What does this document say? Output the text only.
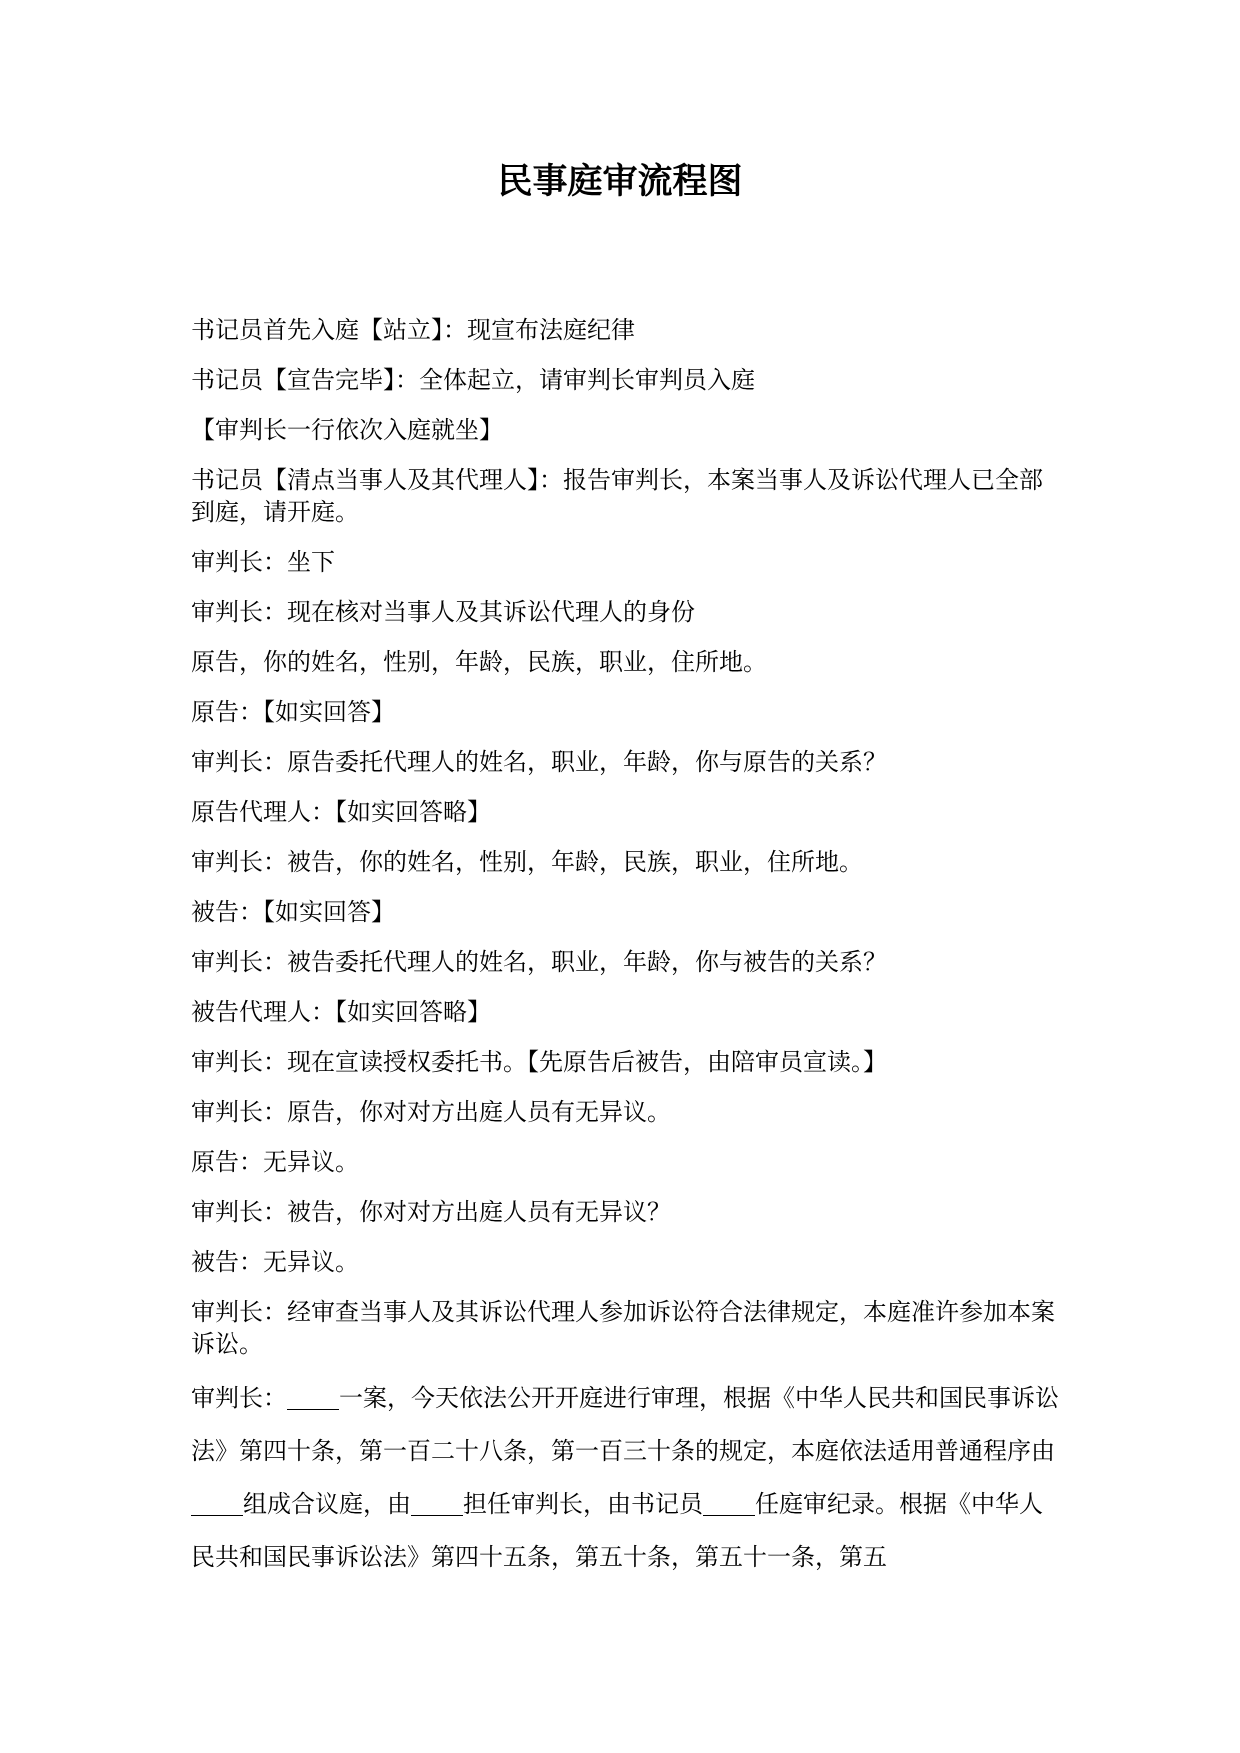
民事庭审流程图

书记员首先入庭【站立】：现宣布法庭纪律

书记员【宣告完毕】：全体起立，请审判长审判员入庭

【审判长一行依次入庭就坐】

书记员【清点当事人及其代理人】：报告审判长，本案当事人及诉讼代理人已全部到庭，请开庭。

审判长：坐下

审判长：现在核对当事人及其诉讼代理人的身份

原告，你的姓名，性别，年龄，民族，职业，住所地。

原告：【如实回答】

审判长：原告委托代理人的姓名，职业，年龄，你与原告的关系？

原告代理人：【如实回答略】

审判长：被告，你的姓名，性别，年龄，民族，职业，住所地。

被告：【如实回答】

审判长：被告委托代理人的姓名，职业，年龄，你与被告的关系？

被告代理人：【如实回答略】

审判长：现在宣读授权委托书。【先原告后被告，由陪审员宣读。】

审判长：原告，你对对方出庭人员有无异议。

原告：无异议。

审判长：被告，你对对方出庭人员有无异议？

被告：无异议。

审判长：经审查当事人及其诉讼代理人参加诉讼符合法律规定，本庭准许参加本案诉讼。

审判长： 一案，今天依法公开开庭进行审理，根据《中华人民共和国民事诉讼法》第四十条，第一百二十八条，第一百三十条的规定，本庭依法适用普通程序由组成合议庭，由 担任审判长，由书记员 任庭审纪录。根据《中华人民共和国民事诉讼法》第四十五条，第五十条，第五十一条，第五
